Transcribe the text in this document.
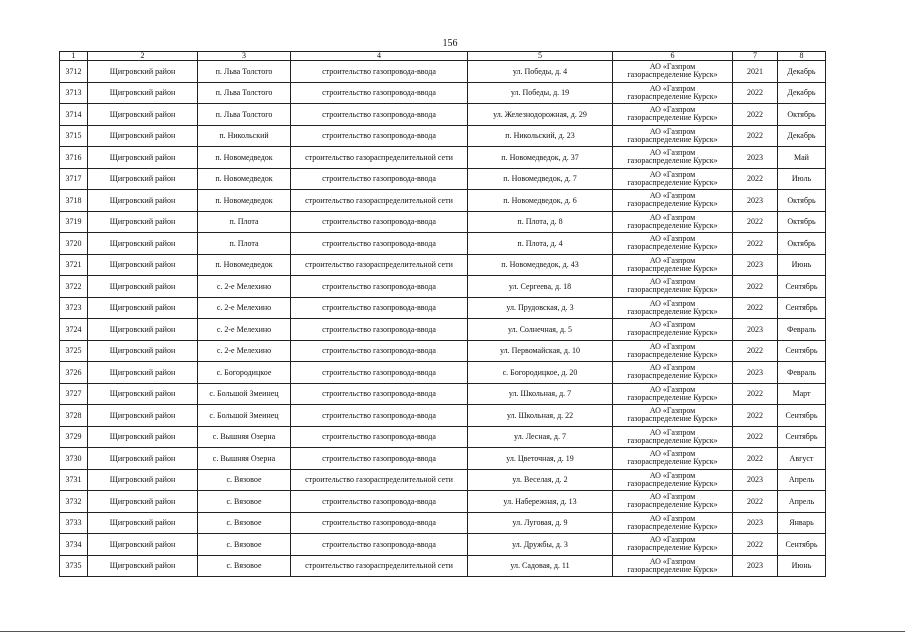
156
1	2	3	4	5	6	7	8
3712	Щигровский район	п. Льва Толстого	строительство газопровода-ввода	ул. Победы, д. 4	АО «Газпром
газораспределение Курск»	2021	Декабрь
3713	Щигровский район	п. Льва Толстого	строительство газопровода-ввода	ул. Победы, д. 19	АО «Газпром
газораспределение Курск»	2022	Декабрь
3714	Щигровский район	п. Льва Толстого	строительство газопровода-ввода	ул. Железнодорожная, д. 29	АО «Газпром
газораспределение Курск»	2022	Октябрь
3715	Щигровский район	п. Никольский	строительство газопровода-ввода	п. Никольский, д. 23	АО «Газпром
газораспределение Курск»	2022	Декабрь
3716	Щигровский район	п. Новомедведок	строительство газораспределительной сети	п. Новомедведок, д. 37	АО «Газпром
газораспределение Курск»	2023	Май
3717	Щигровский район	п. Новомедведок	строительство газопровода-ввода	п. Новомедведок, д. 7	АО «Газпром
газораспределение Курск»	2022	Июль
3718	Щигровский район	п. Новомедведок	строительство газораспределительной сети	п. Новомедведок, д. 6	АО «Газпром
газораспределение Курск»	2023	Октябрь
3719	Щигровский район	п. Плота	строительство газопровода-ввода	п. Плота, д. 8	АО «Газпром
газораспределение Курск»	2022	Октябрь
3720	Щигровский район	п. Плота	строительство газопровода-ввода	п. Плота, д. 4	АО «Газпром
газораспределение Курск»	2022	Октябрь
3721	Щигровский район	п. Новомедведок	строительство газораспределительной сети	п. Новомедведок, д. 43	АО «Газпром
газораспределение Курск»	2023	Июнь
3722	Щигровский район	с. 2-е Мелехино	строительство газопровода-ввода	ул. Сергеева, д. 18	АО «Газпром
газораспределение Курск»	2022	Сентябрь
3723	Щигровский район	с. 2-е Мелехино	строительство газопровода-ввода	ул. Прудовская, д. 3	АО «Газпром
газораспределение Курск»	2022	Сентябрь
3724	Щигровский район	с. 2-е Мелехино	строительство газопровода-ввода	ул. Солнечная, д. 5	АО «Газпром
газораспределение Курск»	2023	Февраль
3725	Щигровский район	с. 2-е Мелехино	строительство газопровода-ввода	ул. Первомайская, д. 10	АО «Газпром
газораспределение Курск»	2022	Сентябрь
3726	Щигровский район	с. Богородицкое	строительство газопровода-ввода	с. Богородицкое, д. 20	АО «Газпром
газораспределение Курск»	2023	Февраль
3727	Щигровский район	с. Большой Змеинец	строительство газопровода-ввода	ул. Школьная, д. 7	АО «Газпром
газораспределение Курск»	2022	Март
3728	Щигровский район	с. Большой Змеинец	строительство газопровода-ввода	ул. Школьная, д. 22	АО «Газпром
газораспределение Курск»	2022	Сентябрь
3729	Щигровский район	с. Вышняя Озерна	строительство газопровода-ввода	ул. Лесная, д. 7	АО «Газпром
газораспределение Курск»	2022	Сентябрь
3730	Щигровский район	с. Вышняя Озерна	строительство газопровода-ввода	ул. Цветочная, д. 19	АО «Газпром
газораспределение Курск»	2022	Август
3731	Щигровский район	с. Вязовое	строительство газораспределительной сети	ул. Веселая, д. 2	АО «Газпром
газораспределение Курск»	2023	Апрель
3732	Щигровский район	с. Вязовое	строительство газопровода-ввода	ул. Набережная, д. 13	АО «Газпром
газораспределение Курск»	2022	Апрель
3733	Щигровский район	с. Вязовое	строительство газопровода-ввода	ул. Луговая, д. 9	АО «Газпром
газораспределение Курск»	2023	Январь
3734	Щигровский район	с. Вязовое	строительство газопровода-ввода	ул. Дружбы, д. 3	АО «Газпром
газораспределение Курск»	2022	Сентябрь
3735	Щигровский район	с. Вязовое	строительство газораспределительной сети	ул. Садовая, д. 11	АО «Газпром
газораспределение Курск»	2023	Июнь
